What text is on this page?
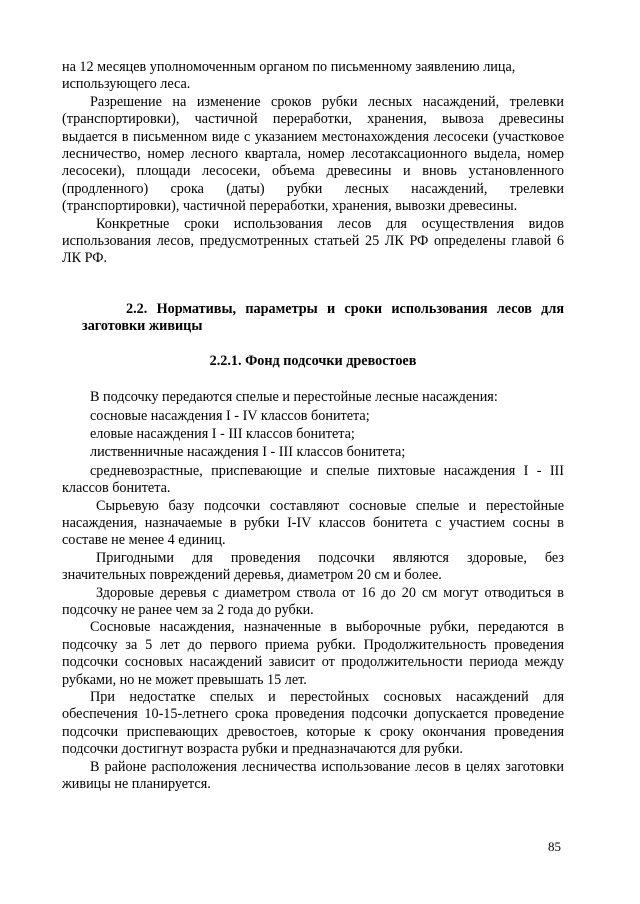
на 12 месяцев уполномоченным органом по письменному заявлению лица, использующего леса.

Разрешение на изменение сроков рубки лесных насаждений, трелевки (транспортировки), частичной переработки, хранения, вывоза древесины выдается в письменном виде с указанием местонахождения лесосеки (участковое лесничество, номер лесного квартала, номер лесотаксационного выдела, номер лесосеки), площади лесосеки, объема древесины и вновь установленного (продленного) срока (даты) рубки лесных насаждений, трелевки (транспортировки), частичной переработки, хранения, вывозки древесины.

Конкретные сроки использования лесов для осуществления видов использования лесов, предусмотренных статьей 25 ЛК РФ определены главой 6 ЛК РФ.

2.2. Нормативы, параметры и сроки использования лесов для заготовки живицы

2.2.1. Фонд подсочки древостоев

В подсочку передаются спелые и перестойные лесные насаждения:

сосновые насаждения I - IV классов бонитета;

еловые насаждения I - III классов бонитета;

лиственничные насаждения I - III классов бонитета;

средневозрастные, приспевающие и спелые пихтовые насаждения I - III классов бонитета.

Сырьевую базу подсочки составляют сосновые спелые и перестойные насаждения, назначаемые в рубки I-IV классов бонитета с участием сосны в составе не менее 4 единиц.

Пригодными для проведения подсочки являются здоровые, без значительных повреждений деревья, диаметром 20 см и более.

Здоровые деревья с диаметром ствола от 16 до 20 см могут отводиться в подсочку не ранее чем за 2 года до рубки.

Сосновые насаждения, назначенные в выборочные рубки, передаются в подсочку за 5 лет до первого приема рубки. Продолжительность проведения подсочки сосновых насаждений зависит от продолжительности периода между рубками, но не может превышать 15 лет.

При недостатке спелых и перестойных сосновых насаждений для обеспечения 10-15-летнего срока проведения подсочки допускается проведение подсочки приспевающих древостоев, которые к сроку окончания проведения подсочки достигнут возраста рубки и предназначаются для рубки.

В районе расположения лесничества использование лесов в целях заготовки живицы не планируется.

85
